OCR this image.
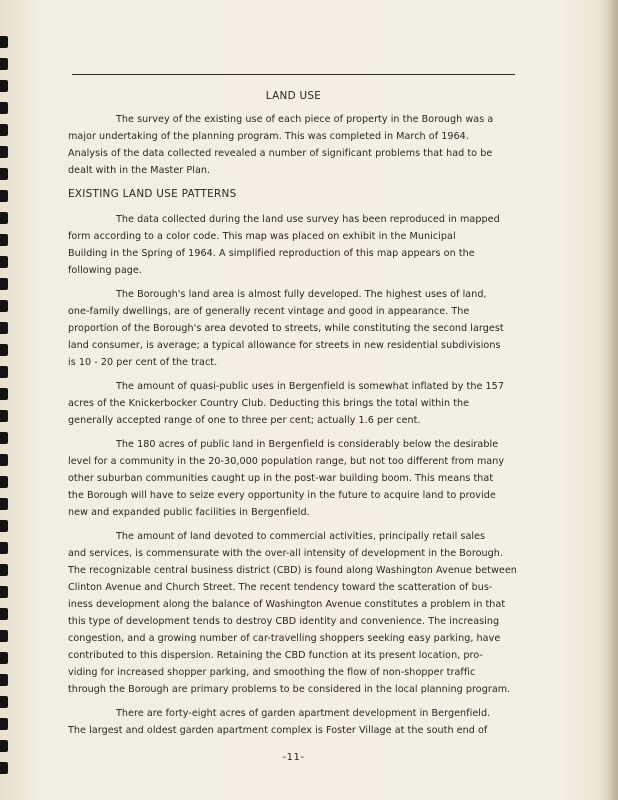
LAND USE
The survey of the existing use of each piece of property in the Borough was a
major undertaking of the planning program. This was completed in March of 1964.
Analysis of the data collected revealed a number of significant problems that had to be
dealt with in the Master Plan.
EXISTING LAND USE PATTERNS
The data collected during the land use survey has been reproduced in mapped
form according to a color code. This map was placed on exhibit in the Municipal
Building in the Spring of 1964. A simplified reproduction of this map appears on the
following page.
The Borough's land area is almost fully developed. The highest uses of land,
one-family dwellings, are of generally recent vintage and good in appearance. The
proportion of the Borough's area devoted to streets, while constituting the second largest
land consumer, is average; a typical allowance for streets in new residential subdivisions
is 10 - 20 per cent of the tract.
The amount of quasi-public uses in Bergenfield is somewhat inflated by the 157
acres of the Knickerbocker Country Club. Deducting this brings the total within the
generally accepted range of one to three per cent; actually 1.6 per cent.
The 180 acres of public land in Bergenfield is considerably below the desirable
level for a community in the 20-30,000 population range, but not too different from many
other suburban communities caught up in the post-war building boom. This means that
the Borough will have to seize every opportunity in the future to acquire land to provide
new and expanded public facilities in Bergenfield.
The amount of land devoted to commercial activities, principally retail sales
and services, is commensurate with the over-all intensity of development in the Borough.
The recognizable central business district (CBD) is found along Washington Avenue between
Clinton Avenue and Church Street. The recent tendency toward the scatteration of bus-
iness development along the balance of Washington Avenue constitutes a problem in that
this type of development tends to destroy CBD identity and convenience. The increasing
congestion, and a growing number of car-travelling shoppers seeking easy parking, have
contributed to this dispersion. Retaining the CBD function at its present location, pro-
viding for increased shopper parking, and smoothing the flow of non-shopper traffic
through the Borough are primary problems to be considered in the local planning program.
There are forty-eight acres of garden apartment development in Bergenfield.
The largest and oldest garden apartment complex is Foster Village at the south end of
-11-
